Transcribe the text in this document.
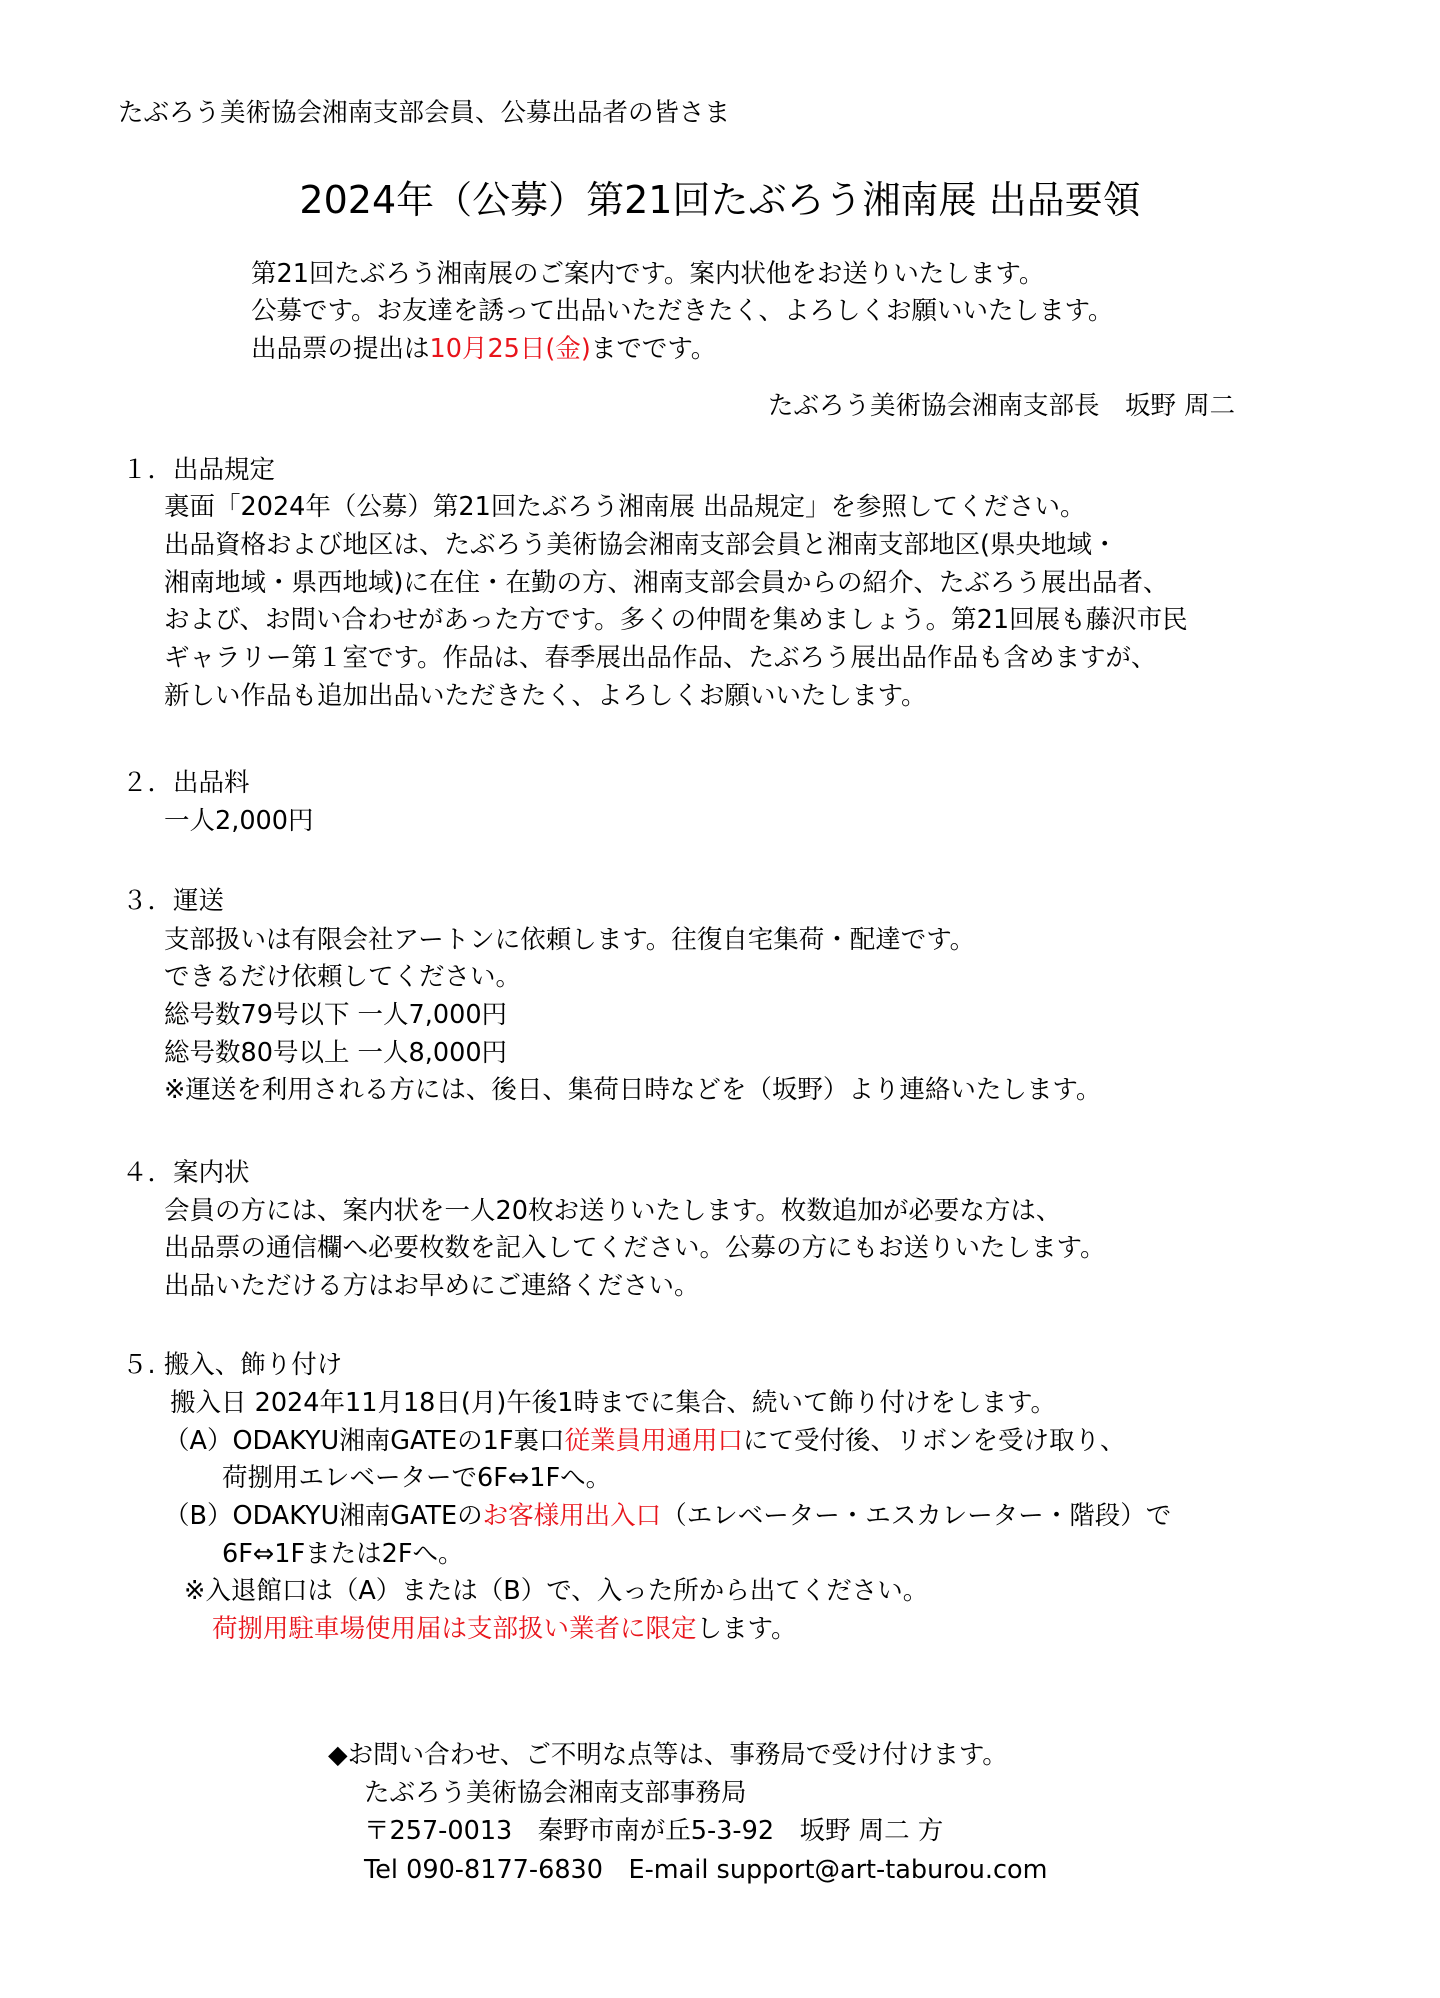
たぶろう美術協会湘南支部会員、公募出品者の皆さま
2024年（公募）第21回たぶろう湘南展 出品要領
第21回たぶろう湘南展のご案内です。案内状他をお送りいたします。
公募です。お友達を誘って出品いただきたく、よろしくお願いいたします。
出品票の提出は10月25日(金)までです。
たぶろう美術協会湘南支部長　坂野 周二
１．出品規定
裏面「2024年（公募）第21回たぶろう湘南展 出品規定」を参照してください。
出品資格および地区は、たぶろう美術協会湘南支部会員と湘南支部地区(県央地域・
湘南地域・県西地域)に在住・在勤の方、湘南支部会員からの紹介、たぶろう展出品者、
および、お問い合わせがあった方です。多くの仲間を集めましょう。第21回展も藤沢市民
ギャラリー第１室です。作品は、春季展出品作品、たぶろう展出品作品も含めますが、
新しい作品も追加出品いただきたく、よろしくお願いいたします。
２．出品料
一人2,000円
３．運送
支部扱いは有限会社アートンに依頼します。往復自宅集荷・配達です。
できるだけ依頼してください。
総号数79号以下 一人7,000円
総号数80号以上 一人8,000円
※運送を利用される方には、後日、集荷日時などを（坂野）より連絡いたします。
４．案内状
会員の方には、案内状を一人20枚お送りいたします。枚数追加が必要な方は、
出品票の通信欄へ必要枚数を記入してください。公募の方にもお送りいたします。
出品いただける方はお早めにご連絡ください。
５. 搬入、飾り付け
搬入日 2024年11月18日(月)午後1時までに集合、続いて飾り付けをします。
（A）ODAKYU湘南GATEの1F裏口従業員用通用口にて受付後、リボンを受け取り、
荷捌用エレベーターで6F⇔1Fへ。
（B）ODAKYU湘南GATEのお客様用出入口（エレベーター・エスカレーター・階段）で
6F⇔1Fまたは2Fへ。
※入退館口は（A）または（B）で、入った所から出てください。
荷捌用駐車場使用届は支部扱い業者に限定します。
◆お問い合わせ、ご不明な点等は、事務局で受け付けます。
たぶろう美術協会湘南支部事務局
〒257-0013　秦野市南が丘5-3-92　坂野 周二 方
Tel 090-8177-6830　E-mail support@art-taburou.com
